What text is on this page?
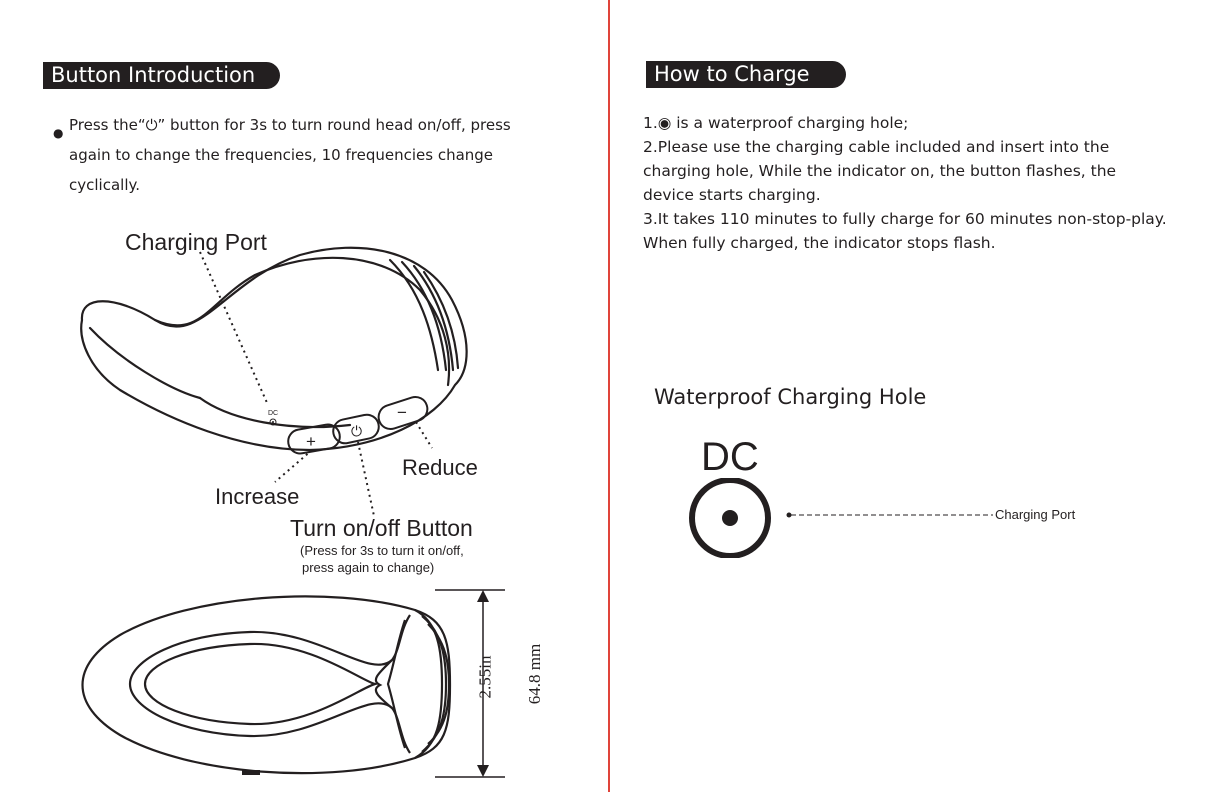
Button Introduction
● Press the“⏻” button for 3s to turn round head on/off, press
again to change the frequencies, 10 frequencies change
cyclically.
+
⏻
−
DC
Charging Port
Reduce
Increase
Turn on/off Button
(Press for 3s to turn it on/off,
press again to change)
2.55in 64.8 mm
How to Charge
1.◉ is a waterproof charging hole;
2.Please use the charging cable included and insert into the
charging hole, While the indicator on, the button flashes, the
device starts charging.
3.It takes 110 minutes to fully charge for 60 minutes non-stop-play.
When fully charged, the indicator stops flash.
Waterproof Charging Hole
DC
Charging Port
